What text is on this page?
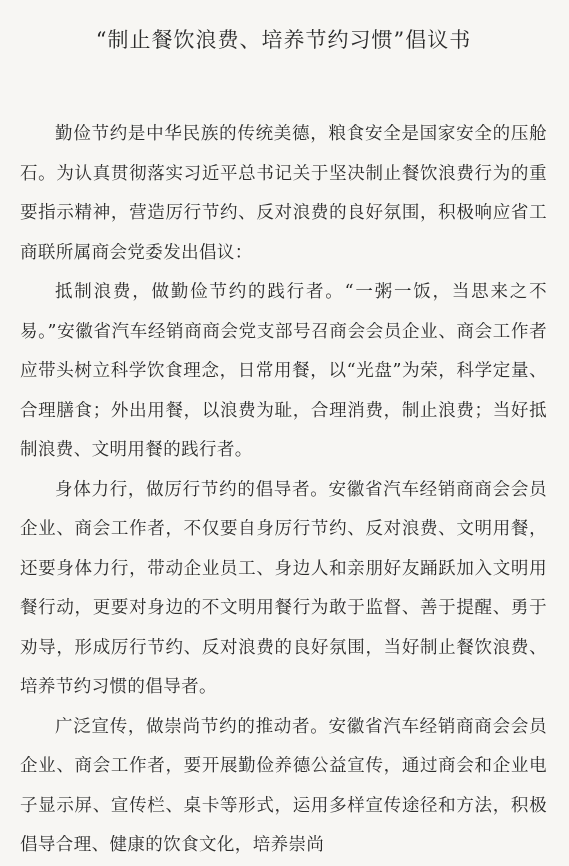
“制止餐饮浪费、培养节约习惯”倡议书

勤俭节约是中华民族的传统美德，粮食安全是国家安全的压舱石。为认真贯彻落实习近平总书记关于坚决制止餐饮浪费行为的重要指示精神，营造厉行节约、反对浪费的良好氛围，积极响应省工商联所属商会党委发出倡议：

抵制浪费，做勤俭节约的践行者。“一粥一饭，当思来之不易。”安徽省汽车经销商商会党支部号召商会会员企业、商会工作者应带头树立科学饮食理念，日常用餐，以“光盘”为荣，科学定量、合理膳食；外出用餐，以浪费为耻，合理消费，制止浪费；当好抵制浪费、文明用餐的践行者。

身体力行，做厉行节约的倡导者。安徽省汽车经销商商会会员企业、商会工作者，不仅要自身厉行节约、反对浪费、文明用餐，还要身体力行，带动企业员工、身边人和亲朋好友踊跃加入文明用餐行动，更要对身边的不文明用餐行为敢于监督、善于提醒、勇于劝导，形成厉行节约、反对浪费的良好氛围，当好制止餐饮浪费、培养节约习惯的倡导者。

广泛宣传，做崇尚节约的推动者。安徽省汽车经销商商会会员企业、商会工作者，要开展勤俭养德公益宣传，通过商会和企业电子显示屏、宣传栏、桌卡等形式，运用多样宣传途径和方法，积极倡导合理、健康的饮食文化，培养崇尚
